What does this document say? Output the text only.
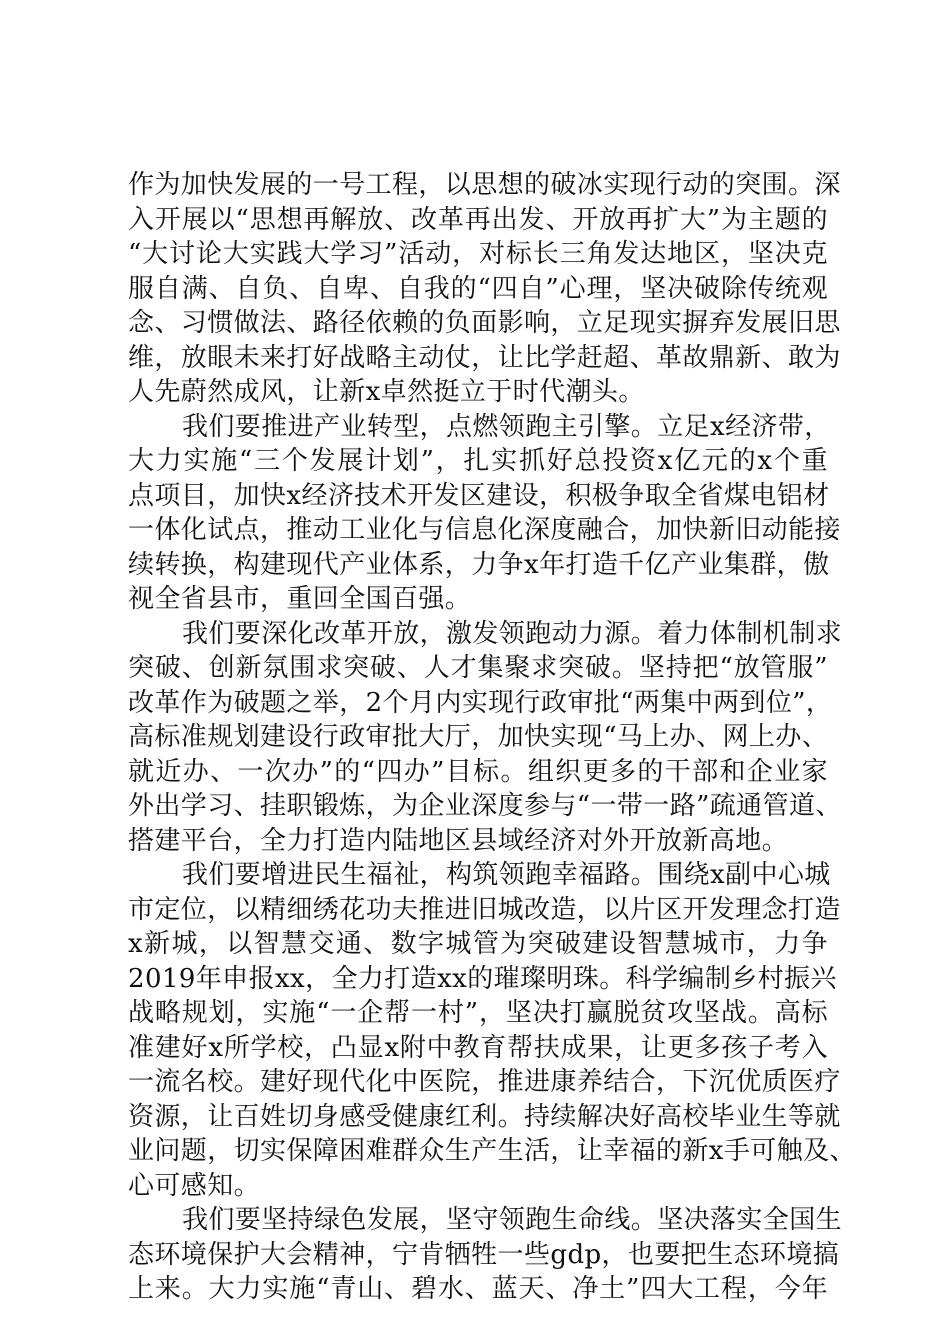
作为加快发展的一号工程，以思想的破冰实现行动的突围。深
入开展以“思想再解放、改革再出发、开放再扩大”为主题的
“大讨论大实践大学习”活动，对标长三角发达地区，坚决克
服自满、自负、自卑、自我的“四自”心理，坚决破除传统观
念、习惯做法、路径依赖的负面影响，立足现实摒弃发展旧思
维，放眼未来打好战略主动仗，让比学赶超、革故鼎新、敢为
人先蔚然成风，让新x卓然挺立于时代潮头。
我们要推进产业转型，点燃领跑主引擎。立足x经济带，
大力实施“三个发展计划”，扎实抓好总投资x亿元的x个重
点项目，加快x经济技术开发区建设，积极争取全省煤电铝材
一体化试点，推动工业化与信息化深度融合，加快新旧动能接
续转换，构建现代产业体系，力争x年打造千亿产业集群，傲
视全省县市，重回全国百强。
我们要深化改革开放，激发领跑动力源。着力体制机制求
突破、创新氛围求突破、人才集聚求突破。坚持把“放管服”
改革作为破题之举，2个月内实现行政审批“两集中两到位”，
高标准规划建设行政审批大厅，加快实现“马上办、网上办、
就近办、一次办”的“四办”目标。组织更多的干部和企业家
外出学习、挂职锻炼，为企业深度参与“一带一路”疏通管道、
搭建平台，全力打造内陆地区县域经济对外开放新高地。
我们要增进民生福祉，构筑领跑幸福路。围绕x副中心城
市定位，以精细绣花功夫推进旧城改造，以片区开发理念打造
x新城，以智慧交通、数字城管为突破建设智慧城市，力争
2019年申报xx，全力打造xx的璀璨明珠。科学编制乡村振兴
战略规划，实施“一企帮一村”，坚决打赢脱贫攻坚战。高标
准建好x所学校，凸显x附中教育帮扶成果，让更多孩子考入
一流名校。建好现代化中医院，推进康养结合，下沉优质医疗
资源，让百姓切身感受健康红利。持续解决好高校毕业生等就
业问题，切实保障困难群众生产生活，让幸福的新x手可触及、
心可感知。
我们要坚持绿色发展，坚守领跑生命线。坚决落实全国生
态环境保护大会精神，宁肯牺牲一些gdp，也要把生态环境搞
上来。大力实施“青山、碧水、蓝天、净土”四大工程，今年
